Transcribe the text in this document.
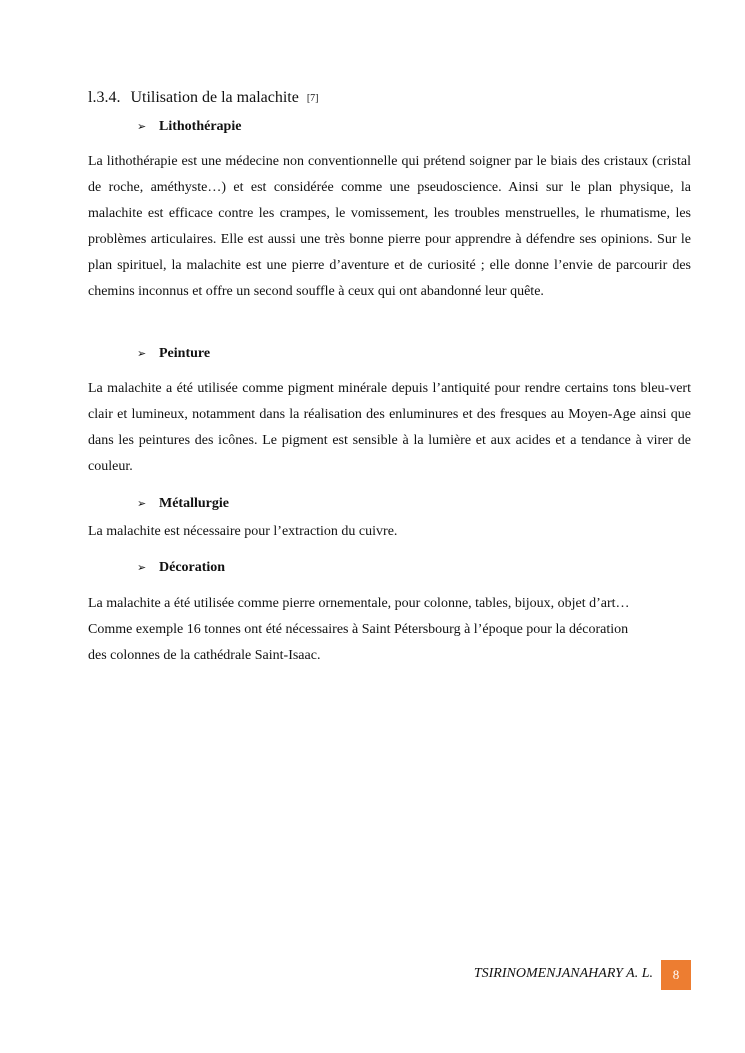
l.3.4. Utilisation de la malachite [7]
➢ Lithothérapie

La lithothérapie est une médecine non conventionnelle qui prétend soigner par le biais des cristaux (cristal de roche, améthyste…) et est considérée comme une pseudoscience. Ainsi sur le plan physique, la malachite est efficace contre les crampes, le vomissement, les troubles menstruelles, le rhumatisme, les problèmes articulaires. Elle est aussi une très bonne pierre pour apprendre à défendre ses opinions. Sur le plan spirituel, la malachite est une pierre d’aventure et de curiosité ; elle donne l’envie de parcourir des chemins inconnus et offre un second souffle à ceux qui ont abandonné leur quête.

➢ Peinture

La malachite a été utilisée comme pigment minérale depuis l’antiquité pour rendre certains tons bleu-vert clair et lumineux, notamment dans la réalisation des enluminures et des fresques au Moyen-Age ainsi que dans les peintures des icônes. Le pigment est sensible à la lumière et aux acides et a tendance à virer de couleur.

➢ Métallurgie

La malachite est nécessaire pour l’extraction du cuivre.

➢ Décoration
La malachite a été utilisée comme pierre ornementale, pour colonne, tables, bijoux, objet d’art…
Comme exemple 16 tonnes ont été nécessaires à Saint Pétersbourg à l’époque pour la décoration
des colonnes de la cathédrale Saint-Isaac.
TSIRINOMENJANAHARY A. L.	8
